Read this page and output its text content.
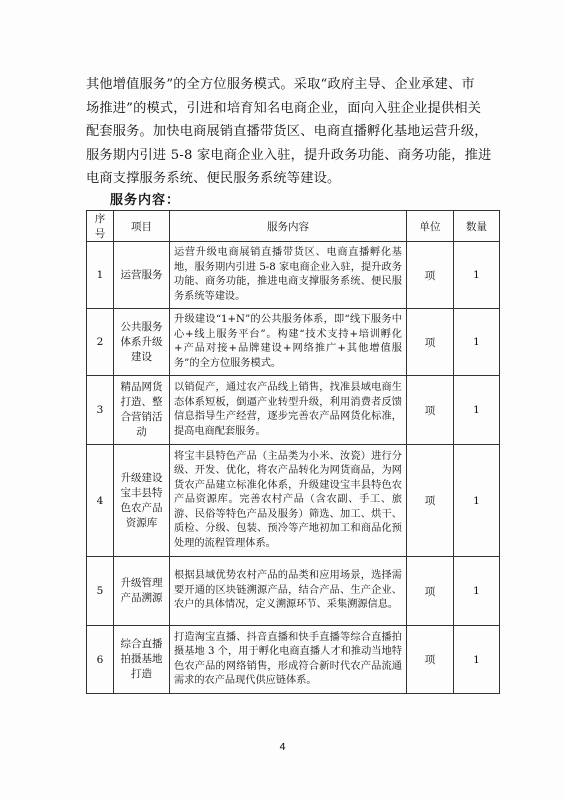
其他增值服务”的全方位服务模式。采取“政府主导、企业承建、市
场推进”的模式，引进和培育知名电商企业，面向入驻企业提供相关
配套服务。加快电商展销直播带货区、电商直播孵化基地运营升级，
服务期内引进 5-8 家电商企业入驻，提升政务功能、商务功能，推进
电商支撑服务系统、便民服务系统等建设。
服务内容：
序号	项目	服务内容	单位	数量
1	运营服务	运营升级电商展销直播带货区、电商直播孵化基地，服务期内引进 5-8 家电商企业入驻，提升政务功能、商务功能，推进电商支撑服务系统、便民服务系统等建设。	项	1
2	公共服务体系升级建设	升级建设“1+N”的公共服务体系，即“线下服务中心+线上服务平台”。构建“技术支持+培训孵化+产品对接+品牌建设+网络推广+其他增值服务”的全方位服务模式。	项	1
3	精品网货打造、整合营销活动	以销促产，通过农产品线上销售，找准县域电商生态体系短板，倒逼产业转型升级，利用消费者反馈信息指导生产经营，逐步完善农产品网货化标准，提高电商配套服务。	项	1
4	升级建设宝丰县特色农产品资源库	将宝丰县特色产品（主品类为小米、汝瓷）进行分级、开发、优化，将农产品转化为网货商品，为网货农产品建立标准化体系，升级建设宝丰县特色农产品资源库。完善农村产品（含农副、手工、旅游、民俗等特色产品及服务）筛选、加工、烘干、质检、分级、包装、预冷等产地初加工和商品化预处理的流程管理体系。	项	1
5	升级管理产品溯源	根据县域优势农村产品的品类和应用场景，选择需要开通的区块链溯源产品，结合产品、生产企业、农户的具体情况，定义溯源环节、采集溯源信息。	项	1
6	综合直播拍摄基地打造	打造淘宝直播、抖音直播和快手直播等综合直播拍摄基地 3 个，用于孵化电商直播人才和推动当地特色农产品的网络销售，形成符合新时代农产品流通需求的农产品现代供应链体系。	项	1
4
